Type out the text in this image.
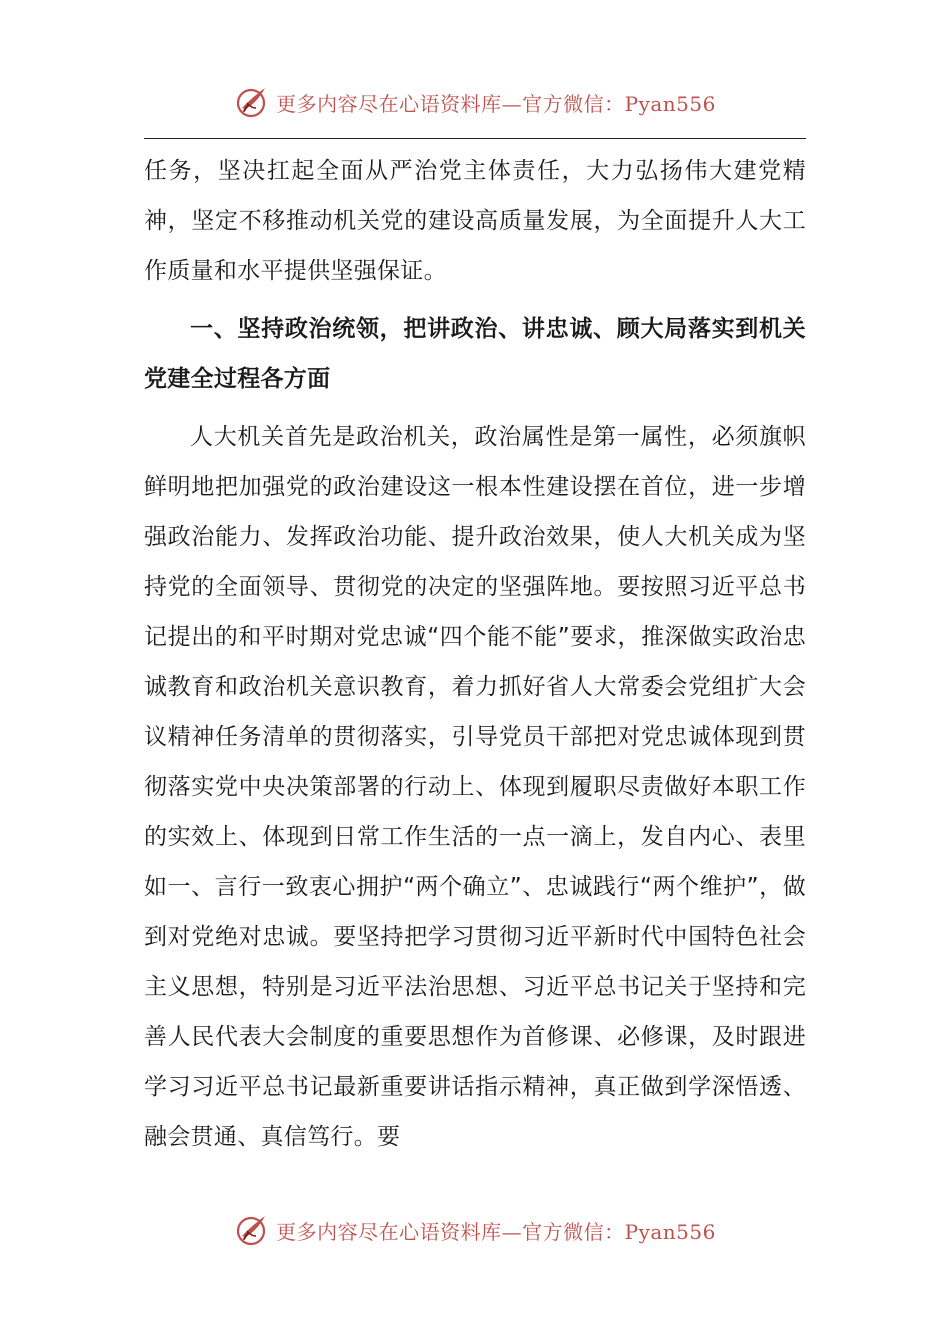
更多内容尽在心语资料库—官方微信：Pyan556

任务，坚决扛起全面从严治党主体责任，大力弘扬伟大建党精神，坚定不移推动机关党的建设高质量发展，为全面提升人大工作质量和水平提供坚强保证。

一、坚持政治统领，把讲政治、讲忠诚、顾大局落实到机关党建全过程各方面

人大机关首先是政治机关，政治属性是第一属性，必须旗帜鲜明地把加强党的政治建设这一根本性建设摆在首位，进一步增强政治能力、发挥政治功能、提升政治效果，使人大机关成为坚持党的全面领导、贯彻党的决定的坚强阵地。要按照习近平总书记提出的和平时期对党忠诚“四个能不能”要求，推深做实政治忠诚教育和政治机关意识教育，着力抓好省人大常委会党组扩大会议精神任务清单的贯彻落实，引导党员干部把对党忠诚体现到贯彻落实党中央决策部署的行动上、体现到履职尽责做好本职工作的实效上、体现到日常工作生活的一点一滴上，发自内心、表里如一、言行一致衷心拥护“两个确立”、忠诚践行“两个维护”，做到对党绝对忠诚。要坚持把学习贯彻习近平新时代中国特色社会主义思想，特别是习近平法治思想、习近平总书记关于坚持和完善人民代表大会制度的重要思想作为首修课、必修课，及时跟进学习习近平总书记最新重要讲话指示精神，真正做到学深悟透、融会贯通、真信笃行。要

更多内容尽在心语资料库—官方微信：Pyan556
